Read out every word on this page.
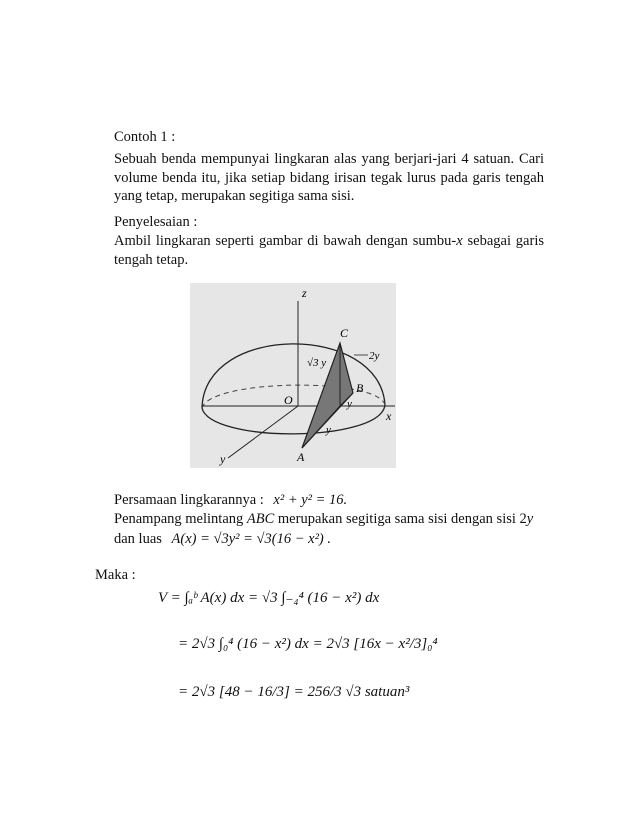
Contoh 1 :
Sebuah benda mempunyai lingkaran alas yang berjari-jari 4 satuan. Cari volume benda itu, jika setiap bidang irisan tegak lurus pada garis tengah yang tetap, merupakan segitiga sama sisi.
Penyelesaian :
Ambil lingkaran seperti gambar di bawah dengan sumbu-x sebagai garis tengah tetap.
z
O
x
y	A
B
C
√3 y
2y
y
y
Persamaan lingkarannya : x² + y² = 16.
Penampang melintang ABC merupakan segitiga sama sisi dengan sisi 2y
dan luas A(x) = √3y² = √3(16 − x²) .
Maka :
V = ∫ₐᵇ A(x) dx = √3 ∫₋₄⁴ (16 − x²) dx
= 2√3 ∫₀⁴ (16 − x²) dx = 2√3 [16x − x²/3]₀⁴
= 2√3 [48 − 16/3] = 256/3 √3 satuan³
